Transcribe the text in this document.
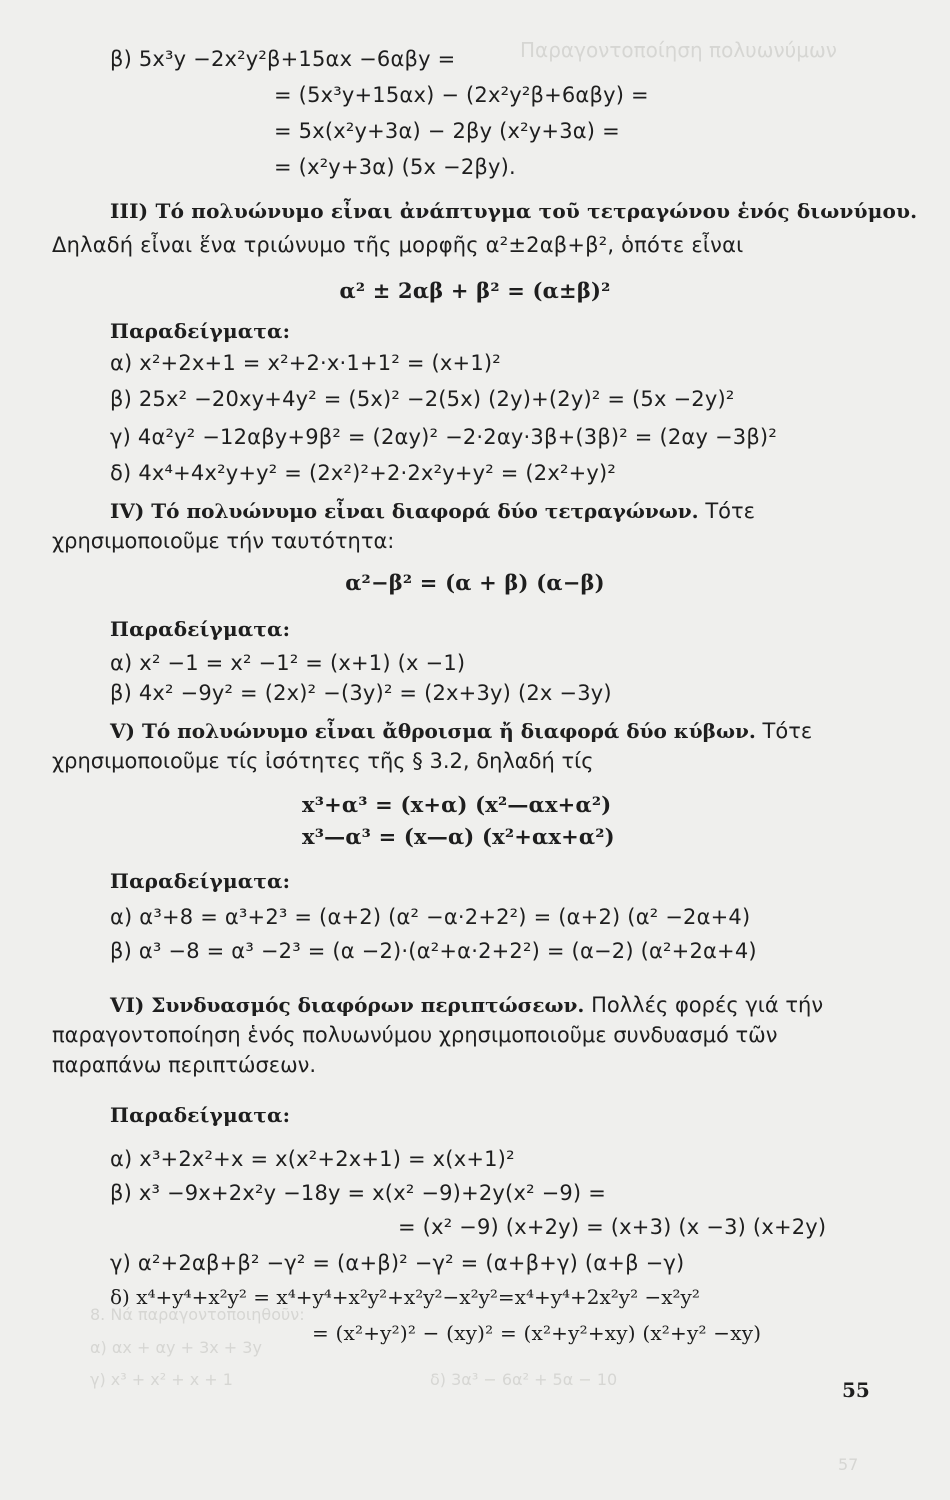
Παραγοντοποίηση πολυωνύμων
8. Νά παραγοντοποιηθοῦν:
α) αx + αy + 3x + 3y
γ) x³ + x² + x + 1	δ) 3α³ − 6α² + 5α − 10
57
β) 5x³y −2x²y²β+15αx −6αβy =
= (5x³y+15αx) − (2x²y²β+6αβy) =
= 5x(x²y+3α) − 2βy (x²y+3α) =
= (x²y+3α) (5x −2βy).
III) Τό πολυώνυμο εἶναι ἀνάπτυγμα τοῦ τετραγώνου ἑνός διωνύμου.
Δηλαδή εἶναι ἕνα τριώνυμο τῆς μορφῆς α²±2αβ+β², ὁπότε εἶναι
α² ± 2αβ + β² = (α±β)²
Παραδείγματα:
α) x²+2x+1 = x²+2·x·1+1² = (x+1)²
β) 25x² −20xy+4y² = (5x)² −2(5x) (2y)+(2y)² = (5x −2y)²
γ) 4α²y² −12αβy+9β² = (2αy)² −2·2αy·3β+(3β)² = (2αy −3β)²
δ) 4x⁴+4x²y+y² = (2x²)²+2·2x²y+y² = (2x²+y)²
IV) Τό πολυώνυμο εἶναι διαφορά δύο τετραγώνων. Τότε χρησιμοποιοῦμε τήν ταυτότητα:
α²−β² = (α + β) (α−β)
Παραδείγματα:
α) x² −1 = x² −1² = (x+1) (x −1)
β) 4x² −9y² = (2x)² −(3y)² = (2x+3y) (2x −3y)
V) Τό πολυώνυμο εἶναι ἄθροισμα ἤ διαφορά δύο κύβων. Τότε χρησιμοποιοῦμε τίς ἰσότητες τῆς § 3.2, δηλαδή τίς
x³+α³ = (x+α) (x²—αx+α²)
x³—α³ = (x—α) (x²+αx+α²)
Παραδείγματα:
α) α³+8 = α³+2³ = (α+2) (α² −α·2+2²) = (α+2) (α² −2α+4)
β) α³ −8 = α³ −2³ = (α −2)·(α²+α·2+2²) = (α−2) (α²+2α+4)
VI) Συνδυασμός διαφόρων περιπτώσεων. Πολλές φορές γιά τήν παραγοντοποίηση ἑνός πολυωνύμου χρησιμοποιοῦμε συνδυασμό τῶν παραπάνω περιπτώσεων.
Παραδείγματα:
α) x³+2x²+x = x(x²+2x+1) = x(x+1)²
β) x³ −9x+2x²y −18y = x(x² −9)+2y(x² −9) =
= (x² −9) (x+2y) = (x+3) (x −3) (x+2y)
γ) α²+2αβ+β² −γ² = (α+β)² −γ² = (α+β+γ) (α+β −γ)
δ) x⁴+y⁴+x²y² = x⁴+y⁴+x²y²+x²y²−x²y²=x⁴+y⁴+2x²y² −x²y²
= (x²+y²)² − (xy)² = (x²+y²+xy) (x²+y² −xy)
55
